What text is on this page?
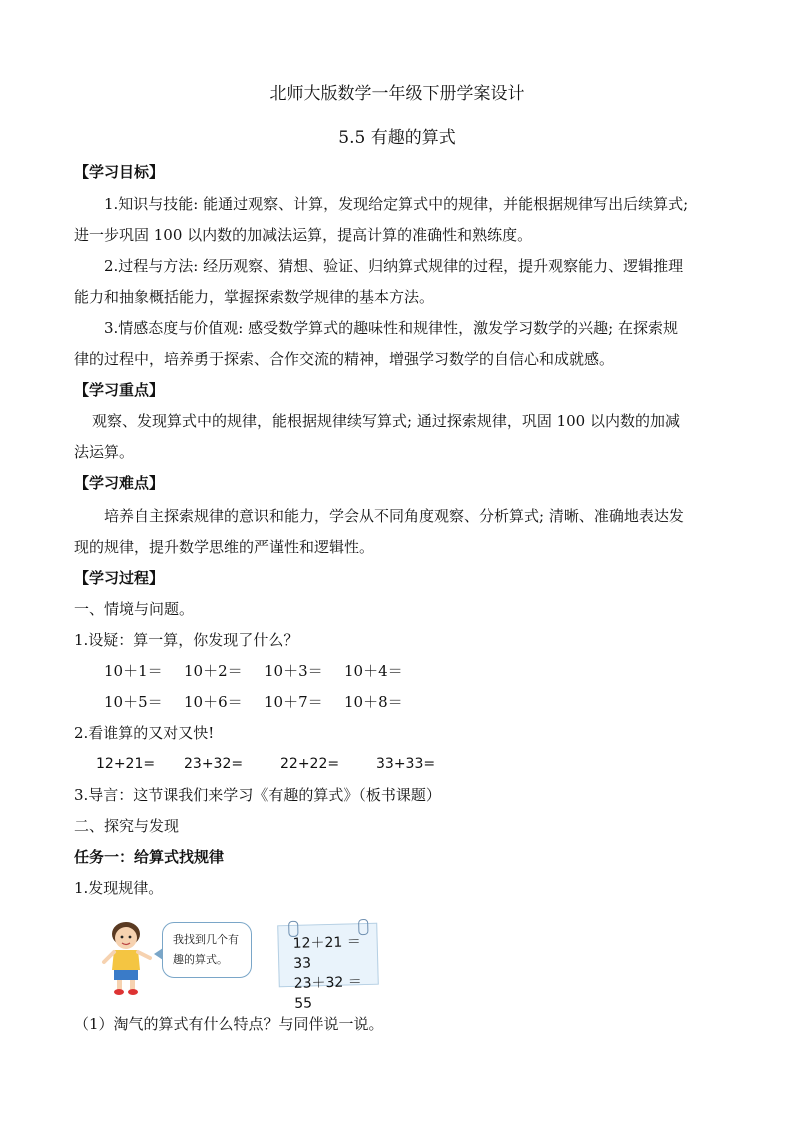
北师大版数学一年级下册学案设计
5.5 有趣的算式
【学习目标】
1.知识与技能: 能通过观察、计算，发现给定算式中的规律，并能根据规律写出后续算式;
进一步巩固 100 以内数的加减法运算，提高计算的准确性和熟练度。
2.过程与方法: 经历观察、猜想、验证、归纳算式规律的过程，提升观察能力、逻辑推理
能力和抽象概括能力，掌握探索数学规律的基本方法。
3.情感态度与价值观: 感受数学算式的趣味性和规律性，激发学习数学的兴趣; 在探索规
律的过程中，培养勇于探索、合作交流的精神，增强学习数学的自信心和成就感。
【学习重点】
观察、发现算式中的规律，能根据规律续写算式; 通过探索规律，巩固 100 以内数的加减
法运算。
【学习难点】
培养自主探索规律的意识和能力，学会从不同角度观察、分析算式; 清晰、准确地表达发
现的规律，提升数学思维的严谨性和逻辑性。
【学习过程】
一、情境与问题。
1.设疑：算一算，你发现了什么？
10＋1＝	10＋2＝	10＋3＝	10＋4＝
10＋5＝	10＋6＝	10＋7＝	10＋8＝
2.看谁算的又对又快!
12+21=	23+32=	22+22=	33+33=
3.导言：这节课我们来学习《有趣的算式》（板书课题）
二、探究与发现
任务一：给算式找规律
1.发现规律。
我找到几个有
趣的算式。
12＋21 ＝33
23＋32 ＝55
（1）淘气的算式有什么特点？与同伴说一说。
